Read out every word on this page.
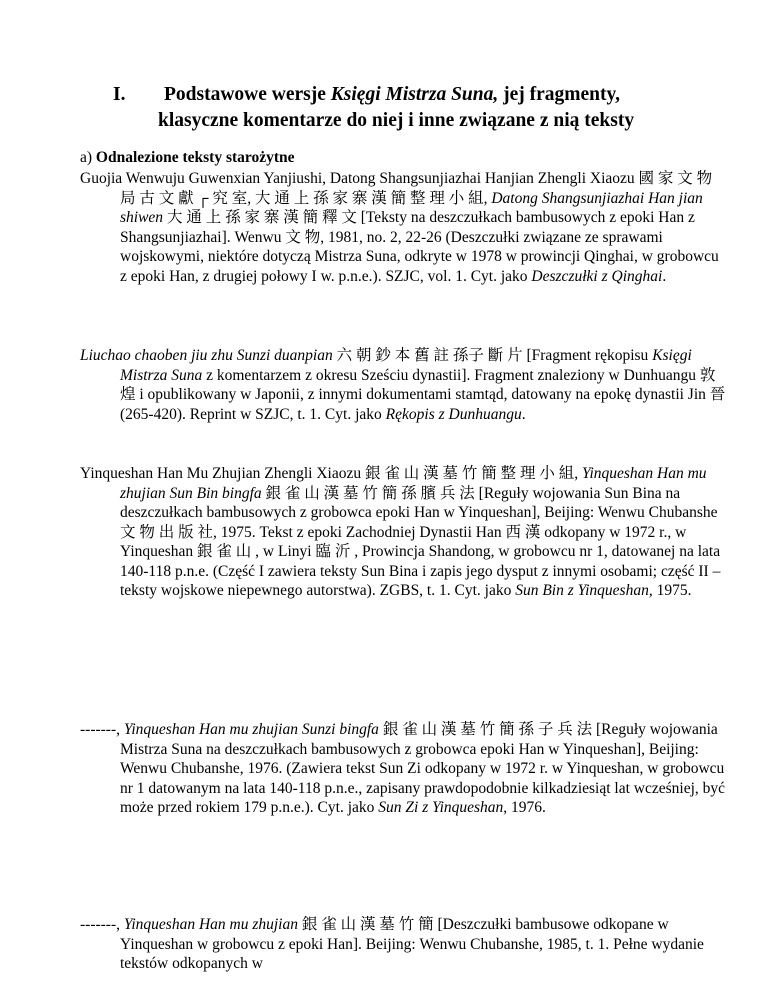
I. Podstawowe wersje Księgi Mistrza Suna, jej fragmenty,
klasyczne komentarze do niej i inne związane z nią teksty
a) Odnalezione teksty starożytne

Guojia Wenwuju Guwenxian Yanjiushi, Datong Shangsunjiazhai Hanjian Zhengli Xiaozu 國 家 文 物 局 古 文 獻 ┌ 究 室, 大 通 上 孫 家 寨 漢 簡 整 理 小 組, Datong Shangsunjiazhai Han jian shiwen 大 通 上 孫 家 寨 漢 簡 釋 文 [Teksty na deszczułkach bambusowych z epoki Han z Shangsunjiazhai]. Wenwu 文 物, 1981, no. 2, 22-26 (Deszczułki związane ze sprawami wojskowymi, niektóre dotyczą Mistrza Suna, odkryte w 1978 w prowincji Qinghai, w grobowcu z epoki Han, z drugiej połowy I w. p.n.e.). SZJC, vol. 1. Cyt. jako Deszczułki z Qinghai.

Liuchao chaoben jiu zhu Sunzi duanpian 六 朝 鈔 本 舊 註 孫子 斷 片 [Fragment rękopisu Księgi Mistrza Suna z komentarzem z okresu Sześciu dynastii]. Fragment znaleziony w Dunhuangu 敦 煌 i opublikowany w Japonii, z innymi dokumentami stamtąd, datowany na epokę dynastii Jin 晉 (265-420). Reprint w SZJC, t. 1. Cyt. jako Rękopis z Dunhuangu.

Yinqueshan Han Mu Zhujian Zhengli Xiaozu 銀 雀 山 漢 墓 竹 簡 整 理 小 組, Yinqueshan Han mu zhujian Sun Bin bingfa 銀 雀 山 漢 墓 竹 簡 孫 臏 兵 法 [Reguły wojowania Sun Bina na deszczułkach bambusowych z grobowca epoki Han w Yinqueshan], Beijing: Wenwu Chubanshe 文 物 出 版 社, 1975. Tekst z epoki Zachodniej Dynastii Han 西 漢 odkopany w 1972 r., w Yinqueshan 銀 雀 山 , w Linyi 臨 沂 , Prowincja Shandong, w grobowcu nr 1, datowanej na lata 140-118 p.n.e. (Część I zawiera teksty Sun Bina i zapis jego dysput z innymi osobami; część II – teksty wojskowe niepewnego autorstwa). ZGBS, t. 1. Cyt. jako Sun Bin z Yinqueshan, 1975.

-------, Yinqueshan Han mu zhujian Sunzi bingfa 銀 雀 山 漢 墓 竹 簡 孫 子 兵 法 [Reguły wojowania Mistrza Suna na deszczułkach bambusowych z grobowca epoki Han w Yinqueshan], Beijing: Wenwu Chubanshe, 1976. (Zawiera tekst Sun Zi odkopany w 1972 r. w Yinqueshan, w grobowcu nr 1 datowanym na lata 140-118 p.n.e., zapisany prawdopodobnie kilkadziesiąt lat wcześniej, być może przed rokiem 179 p.n.e.). Cyt. jako Sun Zi z Yinqueshan, 1976.

-------, Yinqueshan Han mu zhujian 銀 雀 山 漢 墓 竹 簡 [Deszczułki bambusowe odkopane w Yinqueshan w grobowcu z epoki Han]. Beijing: Wenwu Chubanshe, 1985, t. 1. Pełne wydanie tekstów odkopanych w
